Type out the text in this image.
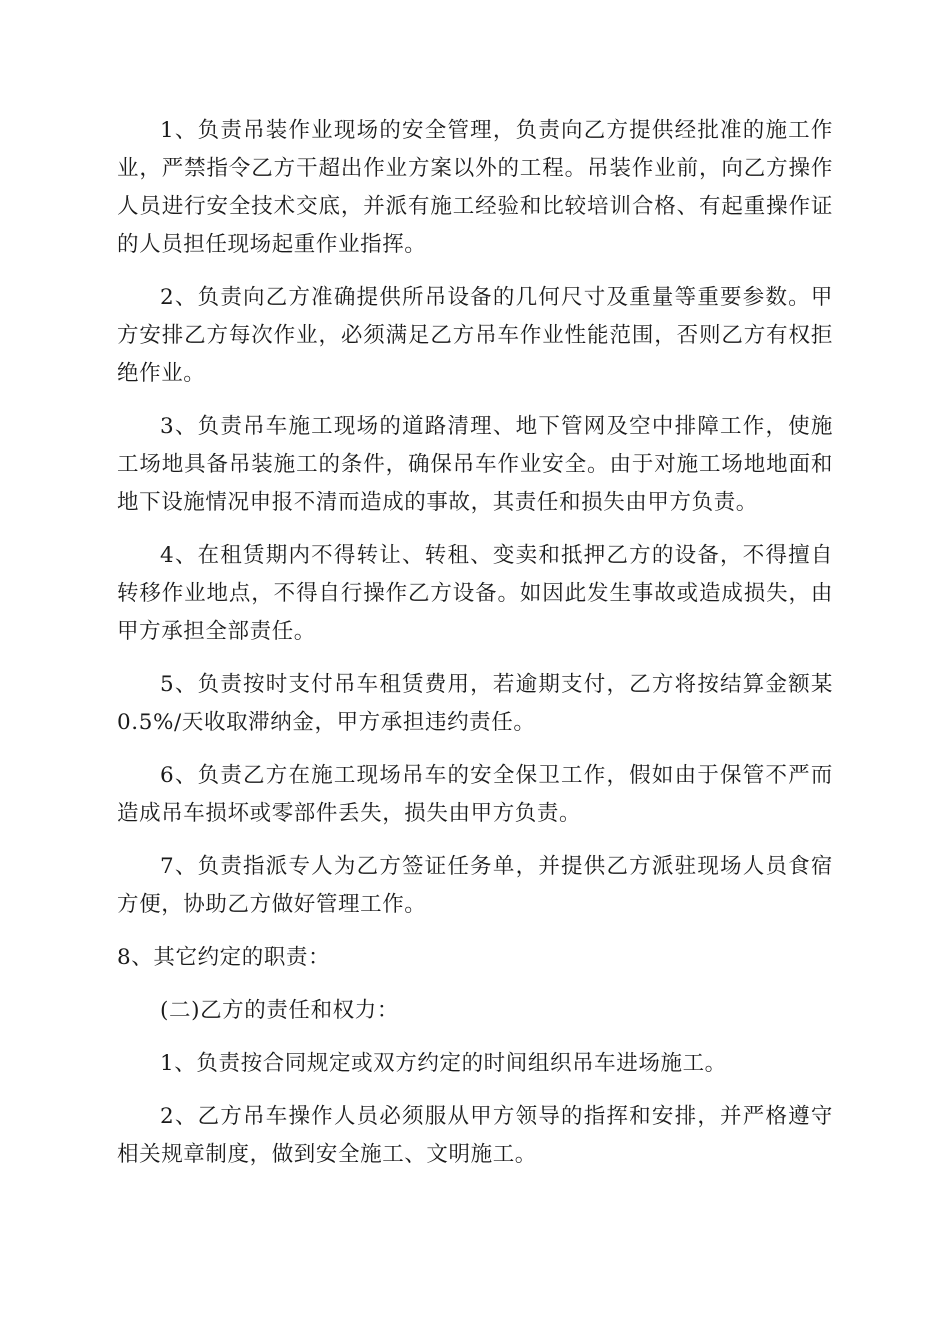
1、负责吊装作业现场的安全管理，负责向乙方提供经批准的施工作业，严禁指令乙方干超出作业方案以外的工程。吊装作业前，向乙方操作人员进行安全技术交底，并派有施工经验和比较培训合格、有起重操作证的人员担任现场起重作业指挥。

2、负责向乙方准确提供所吊设备的几何尺寸及重量等重要参数。甲方安排乙方每次作业，必须满足乙方吊车作业性能范围，否则乙方有权拒绝作业。

3、负责吊车施工现场的道路清理、地下管网及空中排障工作，使施工场地具备吊装施工的条件，确保吊车作业安全。由于对施工场地地面和地下设施情况申报不清而造成的事故，其责任和损失由甲方负责。

4、在租赁期内不得转让、转租、变卖和抵押乙方的设备，不得擅自转移作业地点，不得自行操作乙方设备。如因此发生事故或造成损失，由甲方承担全部责任。

5、负责按时支付吊车租赁费用，若逾期支付，乙方将按结算金额某0.5%/天收取滞纳金，甲方承担违约责任。

6、负责乙方在施工现场吊车的安全保卫工作，假如由于保管不严而造成吊车损坏或零部件丢失，损失由甲方负责。

7、负责指派专人为乙方签证任务单，并提供乙方派驻现场人员食宿方便，协助乙方做好管理工作。

8、其它约定的职责：

(二)乙方的责任和权力：

1、负责按合同规定或双方约定的时间组织吊车进场施工。

2、乙方吊车操作人员必须服从甲方领导的指挥和安排，并严格遵守相关规章制度，做到安全施工、文明施工。
